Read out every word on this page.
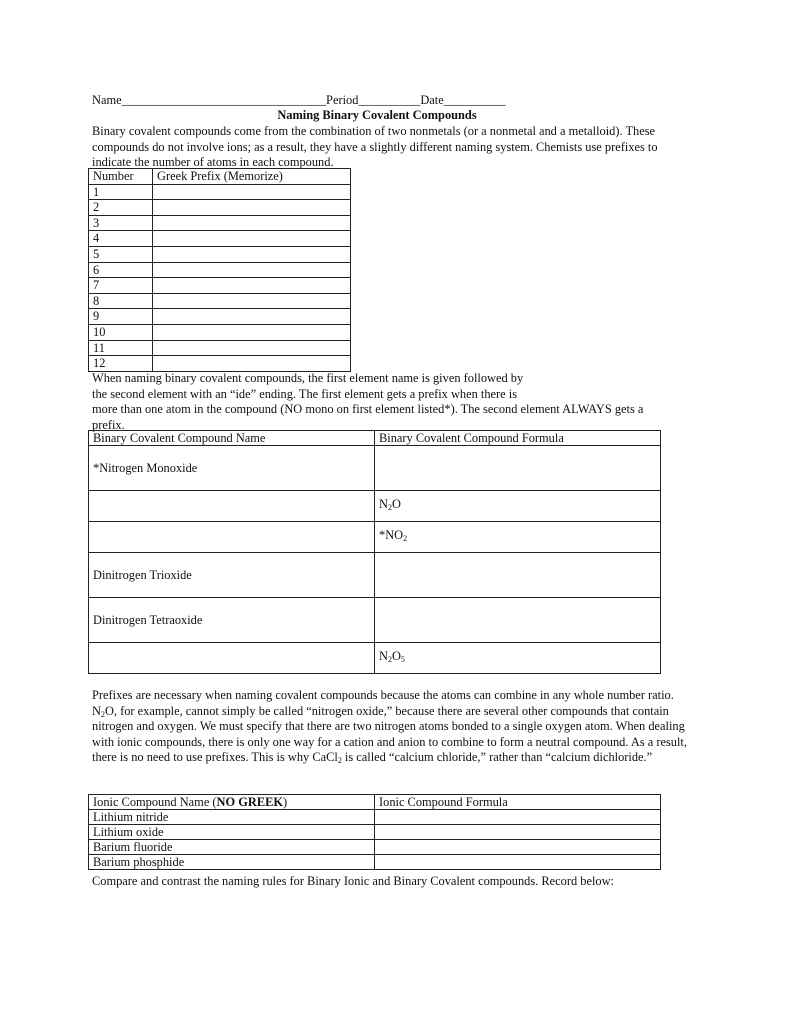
Name_________________________________Period__________Date__________
Naming Binary Covalent Compounds
Binary covalent compounds come from the combination of two nonmetals (or a nonmetal and a metalloid). These compounds do not involve ions; as a result, they have a slightly different naming system. Chemists use prefixes to indicate the number of atoms in each compound.
Number	Greek Prefix (Memorize)
1	
2	
3	
4	
5	
6	
7	
8	
9	
10	
11	
12	
When naming binary covalent compounds, the first element name is given followed by
the second element with an “ide” ending. The first element gets a prefix when there is
more than one atom in the compound (NO mono on first element listed*). The second element ALWAYS gets a
prefix.
Binary Covalent Compound Name	Binary Covalent Compound Formula
*Nitrogen Monoxide	

	$N_2O$

	$*NO_2$

Dinitrogen Trioxide	
Dinitrogen Tetraoxide	

	$N_2O_5$
Prefixes are necessary when naming covalent compounds because the atoms can combine in any whole number ratio. $N_2O$, for example, cannot simply be called “nitrogen oxide,” because there are several other compounds that contain nitrogen and oxygen. We must specify that there are two nitrogen atoms bonded to a single oxygen atom. When dealing with ionic compounds, there is only one way for a cation and anion to combine to form a neutral compound. As a result, there is no need to use prefixes. This is why CaCl$_2$ is called “calcium chloride,” rather than “calcium dichloride.”
Ionic Compound Name (NO GREEK)	Ionic Compound Formula
Lithium nitride	
Lithium oxide	
Barium fluoride	
Barium phosphide	
Compare and contrast the naming rules for Binary Ionic and Binary Covalent compounds. Record below:
